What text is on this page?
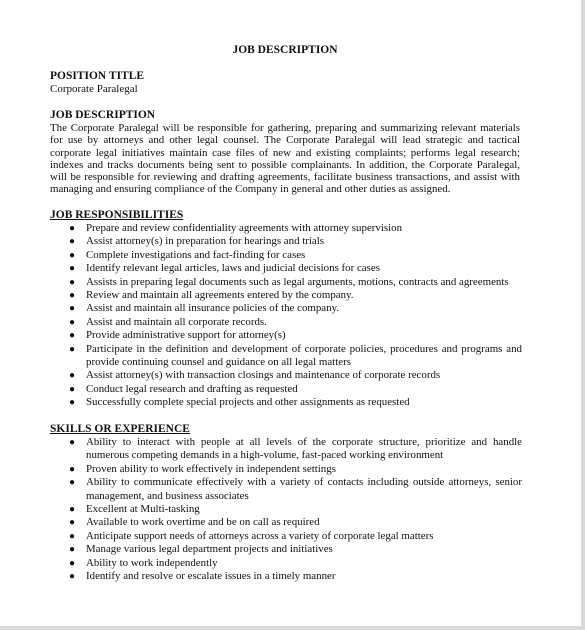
JOB DESCRIPTION
POSITION TITLE
Corporate Paralegal
JOB DESCRIPTION
The Corporate Paralegal will be responsible for gathering, preparing and summarizing relevant materials
for use by attorneys and other legal counsel. The Corporate Paralegal will lead strategic and tactical
corporate legal initiatives maintain case files of new and existing complaints; performs legal research;
indexes and tracks documents being sent to possible complainants. In addition, the Corporate Paralegal,
will be responsible for reviewing and drafting agreements, facilitate business transactions, and assist with
managing and ensuring compliance of the Company in general and other duties as assigned.
JOB RESPONSIBILITIES
● Prepare and review confidentiality agreements with attorney supervision
● Assist attorney(s) in preparation for hearings and trials
● Complete investigations and fact-finding for cases
● Identify relevant legal articles, laws and judicial decisions for cases
● Assists in preparing legal documents such as legal arguments, motions, contracts and agreements
● Review and maintain all agreements entered by the company.
● Assist and maintain all insurance policies of the company.
● Assist and maintain all corporate records.
● Provide administrative support for attorney(s)
● Participate in the definition and development of corporate policies, procedures and programs and provide continuing counsel and guidance on all legal matters
● Assist attorney(s) with transaction closings and maintenance of corporate records
● Conduct legal research and drafting as requested
● Successfully complete special projects and other assignments as requested
SKILLS OR EXPERIENCE
● Ability to interact with people at all levels of the corporate structure, prioritize and handle numerous competing demands in a high-volume, fast-paced working environment
● Proven ability to work effectively in independent settings
● Ability to communicate effectively with a variety of contacts including outside attorneys, senior management, and business associates
● Excellent at Multi-tasking
● Available to work overtime and be on call as required
● Anticipate support needs of attorneys across a variety of corporate legal matters
● Manage various legal department projects and initiatives
● Ability to work independently
● Identify and resolve or escalate issues in a timely manner
